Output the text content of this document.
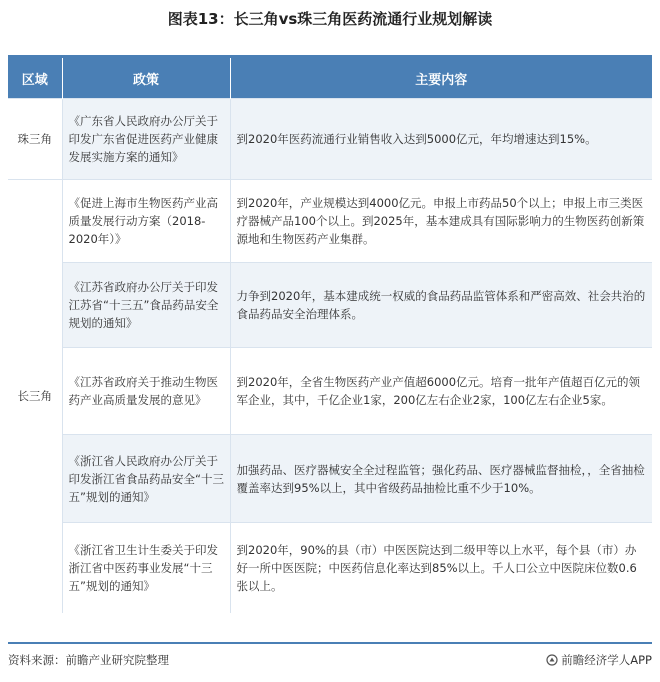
图表13：长三角vs珠三角医药流通行业规划解读
区域	政策	主要内容
珠三角	《广东省人民政府办公厅关于印发广东省促进医药产业健康发展实施方案的通知》	到2020年医药流通行业销售收入达到5000亿元，年均增速达到15%。
长三角	《促进上海市生物医药产业高质量发展行动方案（2018-2020年）》	到2020年，产业规模达到4000亿元。申报上市药品50个以上；申报上市三类医疗器械产品100个以上。到2025年，基本建成具有国际影响力的生物医药创新策源地和生物医药产业集群。
	《江苏省政府办公厅关于印发江苏省“十三五”食品药品安全规划的通知》	力争到2020年，基本建成统一权威的食品药品监管体系和严密高效、社会共治的食品药品安全治理体系。
	《江苏省政府关于推动生物医药产业高质量发展的意见》	到2020年，全省生物医药产业产值超6000亿元。培育一批年产值超百亿元的领军企业，其中，千亿企业1家，200亿左右企业2家，100亿左右企业5家。
	《浙江省人民政府办公厅关于印发浙江省食品药品安全“十三五”规划的通知》	加强药品、医疗器械安全全过程监管；强化药品、医疗器械监督抽检，，全省抽检覆盖率达到95%以上，其中省级药品抽检比重不少于10%。
	《浙江省卫生计生委关于印发浙江省中医药事业发展“十三五”规划的通知》	到2020年，90%的县（市）中医医院达到二级甲等以上水平，每个县（市）办好一所中医医院；中医药信息化率达到85%以上。千人口公立中医院床位数0.6张以上。
资料来源：前瞻产业研究院整理	前瞻经济学人APP
